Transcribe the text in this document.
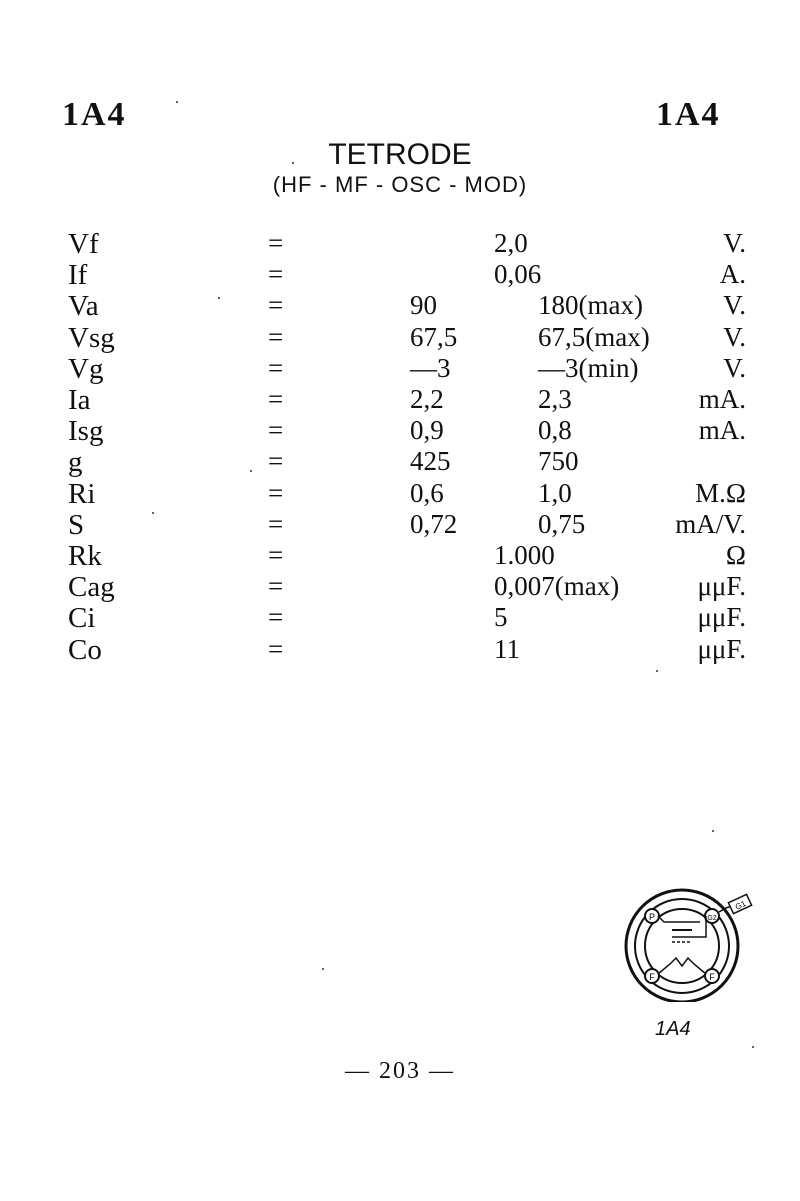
1A4	1A4
TETRODE
(HF - MF - OSC - MOD)
Vf	=	2,0	V.
If	=	0,06	A.
Va	=	90	180(max)	V.
Vsg	=	67,5	67,5(max)	V.
Vg	=	—3	—3(min)	V.
Ia	=	2,2	2,3	mA.
Isg	=	0,9	0,8	mA.
g	=	425	750
Ri	=	0,6	1,0	M.Ω
S	=	0,72	0,75	mA/V.
Rk	=	1.000	Ω
Cag	=	0,007(max)	μμF.
Ci	=	5	μμF.
Co	=	11	μμF.
P	G2
F	F
G1
1A4
— 203 —
